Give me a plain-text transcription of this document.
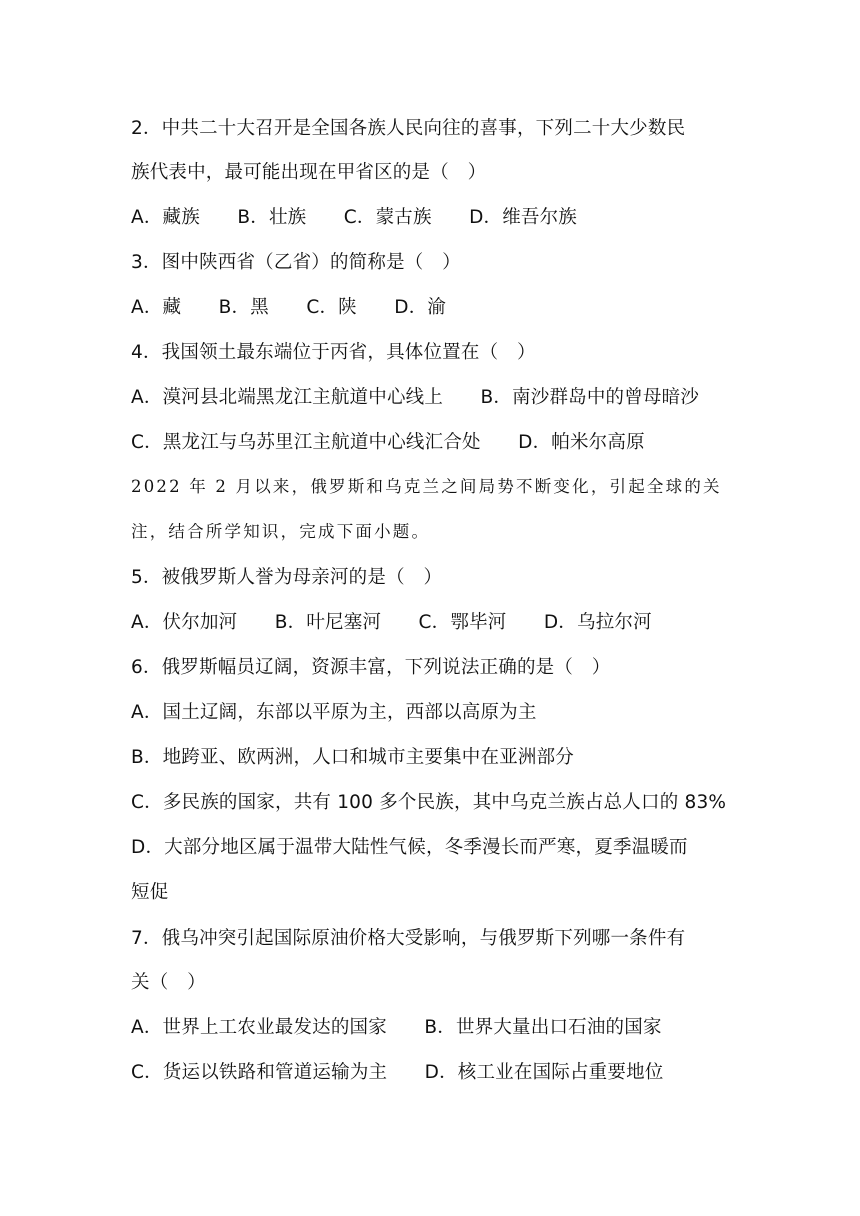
2．中共二十大召开是全国各族人民向往的喜事，下列二十大少数民
族代表中，最可能出现在甲省区的是（　）
A．藏族　　B．壮族　　C．蒙古族　　D．维吾尔族
3．图中陕西省（乙省）的简称是（　）
A．藏　　B．黑　　C．陕　　D．渝
4．我国领土最东端位于丙省，具体位置在（　）
A．漠河县北端黑龙江主航道中心线上　　B．南沙群岛中的曾母暗沙
C．黑龙江与乌苏里江主航道中心线汇合处　　D．帕米尔高原
2022 年 2 月以来，俄罗斯和乌克兰之间局势不断变化，引起全球的关
注，结合所学知识，完成下面小题。
5．被俄罗斯人誉为母亲河的是（　）
A．伏尔加河　　B．叶尼塞河　　C．鄂毕河　　D．乌拉尔河
6．俄罗斯幅员辽阔，资源丰富，下列说法正确的是（　）
A．国土辽阔，东部以平原为主，西部以高原为主
B．地跨亚、欧两洲，人口和城市主要集中在亚洲部分
C．多民族的国家，共有 100 多个民族，其中乌克兰族占总人口的 83%
D．大部分地区属于温带大陆性气候，冬季漫长而严寒，夏季温暖而
短促
7．俄乌冲突引起国际原油价格大受影响，与俄罗斯下列哪一条件有
关（　）
A．世界上工农业最发达的国家　　B．世界大量出口石油的国家
C．货运以铁路和管道运输为主　　D．核工业在国际占重要地位
